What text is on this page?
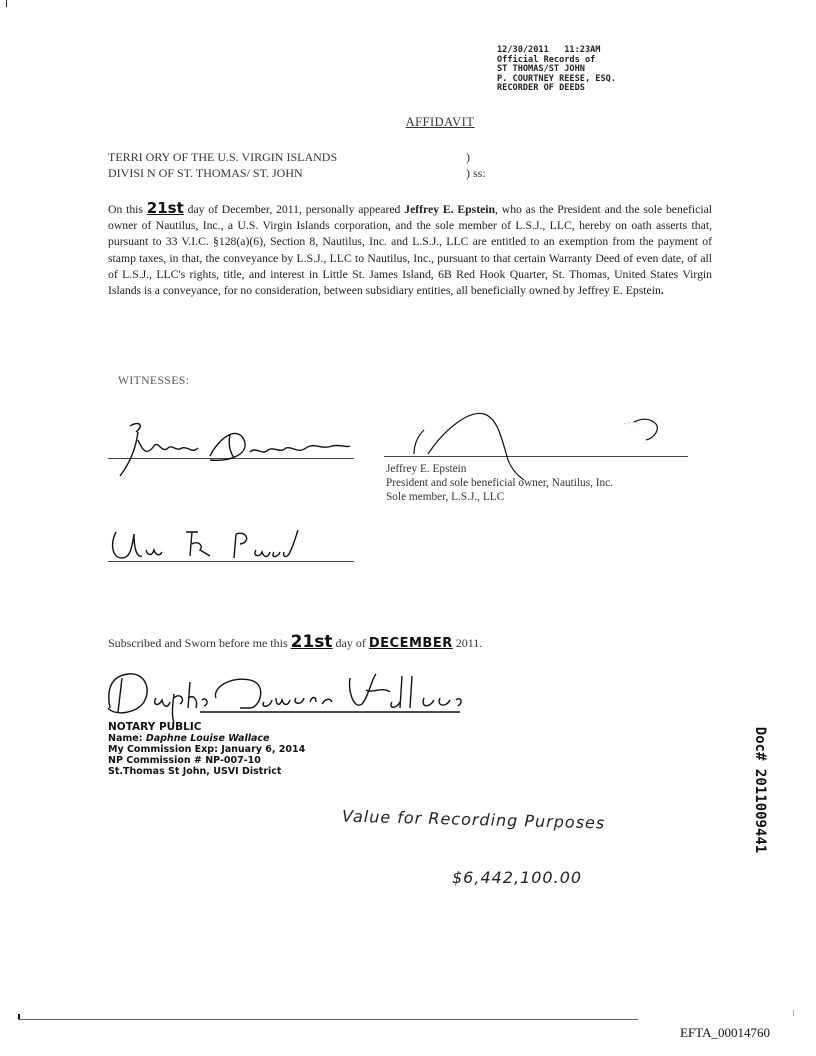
12/30/2011   11:23AM
Official Records of
ST THOMAS/ST JOHN
P. COURTNEY REESE, ESQ.
RECORDER OF DEEDS
AFFIDAVIT
TERRI ORY OF THE U.S. VIRGIN ISLANDS
DIVISI N OF ST. THOMAS/ ST. JOHN
)
) ss:
On this 21st day of December, 2011, personally appeared Jeffrey E. Epstein, who as the President and the sole beneficial owner of Nautilus, Inc., a U.S. Virgin Islands corporation, and the sole member of L.S.J., LLC, hereby on oath asserts that, pursuant to 33 V.I.C. §128(a)(6), Section 8, Nautilus, Inc. and L.S.J., LLC are entitled to an exemption from the payment of stamp taxes, in that, the conveyance by L.S.J., LLC to Nautilus, Inc., pursuant to that certain Warranty Deed of even date, of all of L.S.J., LLC's rights, title, and interest in Little St. James Island, 6B Red Hook Quarter, St. Thomas, United States Virgin Islands is a conveyance, for no consideration, between subsidiary entities, all beneficially owned by Jeffrey E. Epstein.
WITNESSES:
Jeffrey E. Epstein
President and sole beneficial owner, Nautilus, Inc.
Sole member, L.S.J., LLC
Subscribed and Sworn before me this 21st day of DECEMBER 2011.
NOTARY PUBLIC
Name: Daphne Louise Wallace
My Commission Exp: January 6, 2014
NP Commission # NP-007-10
St.Thomas St John, USVI District
Value for Recording Purposes
$6,442,100.00
Doc# 2011009441
EFTA_00014760
